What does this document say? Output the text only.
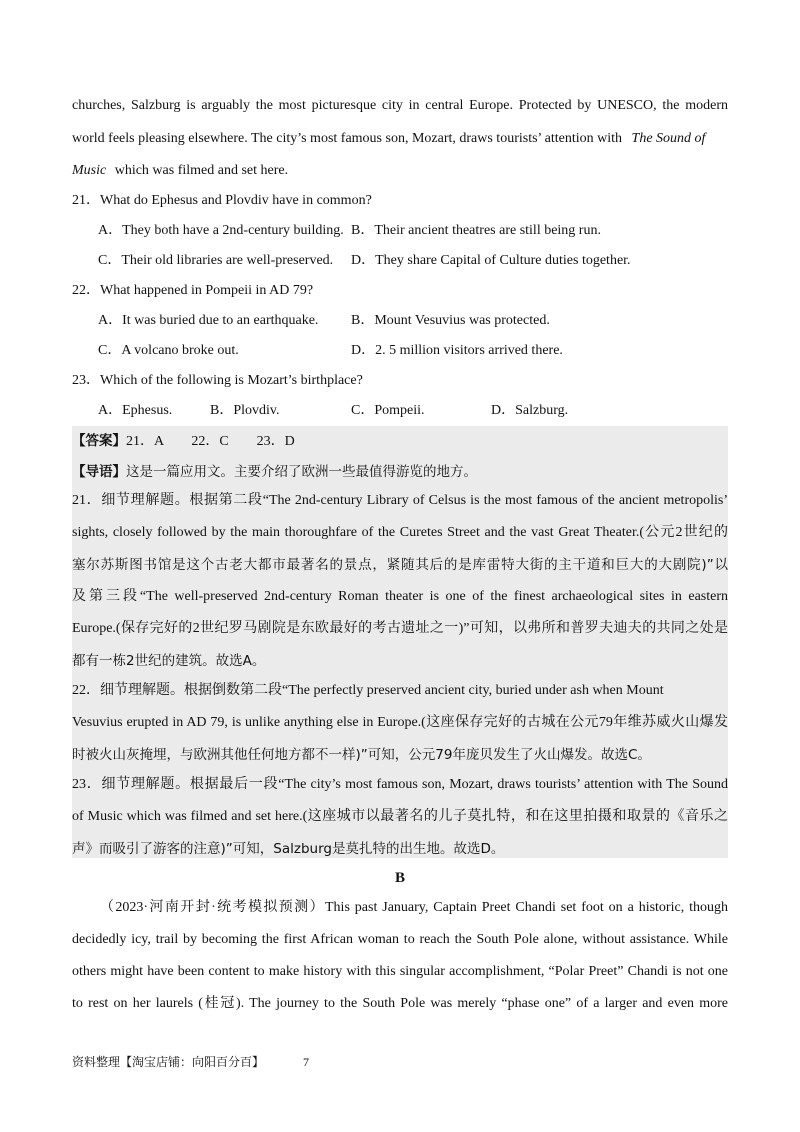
churches, Salzburg is arguably the most picturesque city in central Europe. Protected by UNESCO, the modern
world feels pleasing elsewhere. The city’s most famous son, Mozart, draws tourists’ attention with The Sound of
Music which was filmed and set here.
21．What do Ephesus and Plovdiv have in common?
A．They both have a 2nd-century building. B．Their ancient theatres are still being run.
C．Their old libraries are well-preserved. D．They share Capital of Culture duties together.
22．What happened in Pompeii in AD 79?
A．It was buried due to an earthquake. B．Mount Vesuvius was protected.
C．A volcano broke out.	D．2. 5 million visitors arrived there.
23．Which of the following is Mozart’s birthplace?
A．Ephesus.	B．Plovdiv.	C．Pompeii.	D．Salzburg.
【答案】21．A　　22．C　　23．D
【导语】这是一篇应用文。主要介绍了欧洲一些最值得游览的地方。
21．细节理解题。根据第二段“The 2nd-century Library of Celsus is the most famous of the ancient metropolis’
sights, closely followed by the main thoroughfare of the Curetes Street and the vast Great Theater.(公元2世纪的
塞尔苏斯图书馆是这个古老大都市最著名的景点，紧随其后的是库雷特大街的主干道和巨大的大剧院)”以
及第三段“The well-preserved 2nd-century Roman theater is one of the finest archaeological sites in eastern
Europe.(保存完好的2世纪罗马剧院是东欧最好的考古遗址之一)”可知，以弗所和普罗夫迪夫的共同之处是
都有一栋2世纪的建筑。故选A。
22．细节理解题。根据倒数第二段“The perfectly preserved ancient city, buried under ash when Mount
Vesuvius erupted in AD 79, is unlike anything else in Europe.(这座保存完好的古城在公元79年维苏威火山爆发
时被火山灰掩埋，与欧洲其他任何地方都不一样)”可知，公元79年庞贝发生了火山爆发。故选C。
23．细节理解题。根据最后一段“The city’s most famous son, Mozart, draws tourists’ attention with The Sound
of Music which was filmed and set here.(这座城市以最著名的儿子莫扎特，和在这里拍摄和取景的《音乐之
声》而吸引了游客的注意)”可知，Salzburg是莫扎特的出生地。故选D。
B
（2023·河南开封·统考模拟预测）This past January, Captain Preet Chandi set foot on a historic, though
decidedly icy, trail by becoming the first African woman to reach the South Pole alone, without assistance. While
others might have been content to make history with this singular accomplishment, “Polar Preet” Chandi is not one
to rest on her laurels (桂冠). The journey to the South Pole was merely “phase one” of a larger and even more
资料整理【淘宝店铺：向阳百分百】	7
